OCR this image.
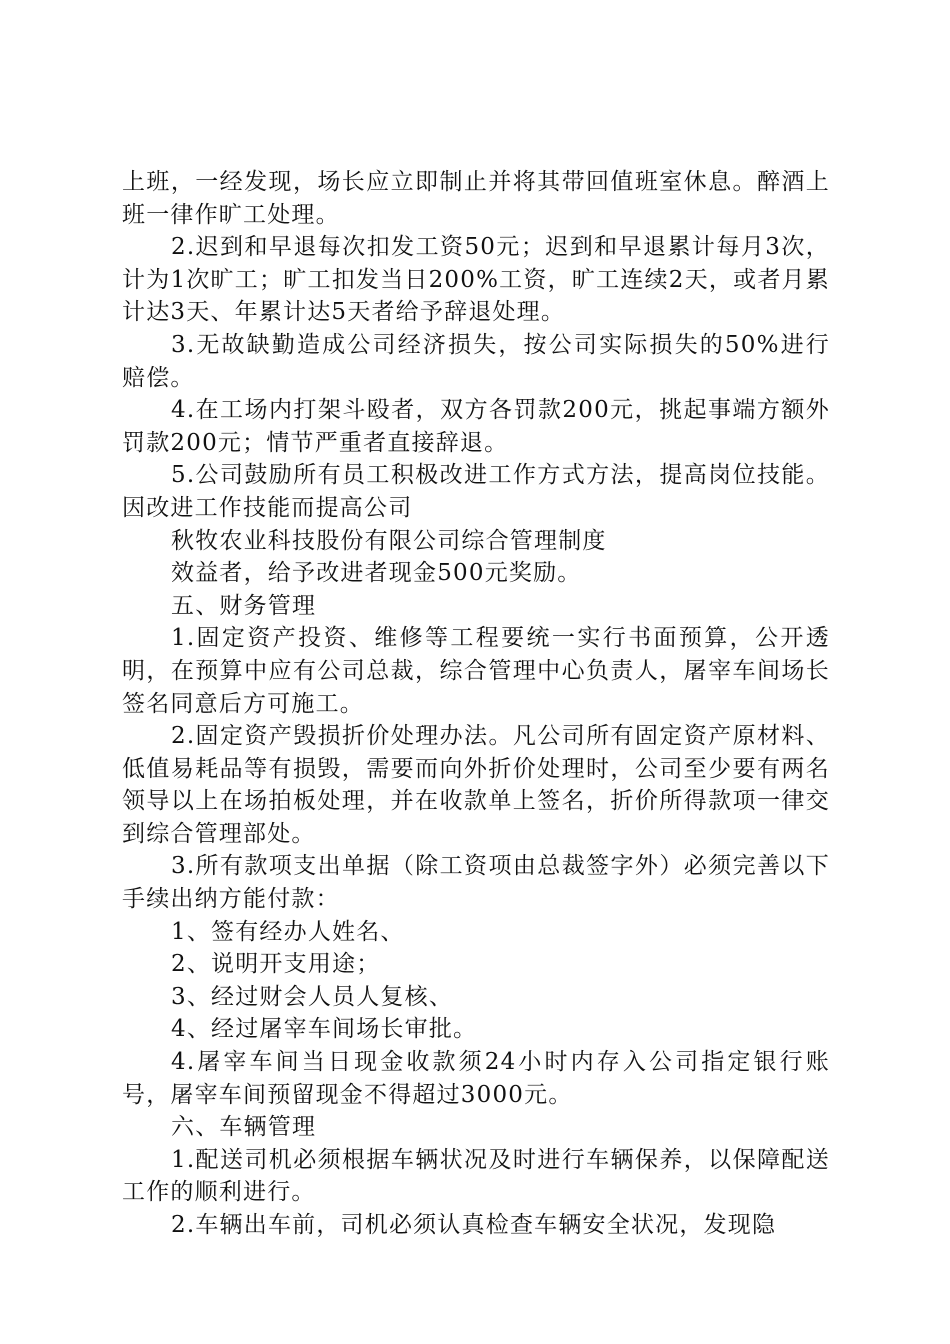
上班，一经发现，场长应立即制止并将其带回值班室休息。醉酒上班一律作旷工处理。

2.迟到和早退每次扣发工资50元；迟到和早退累计每月3次，计为1次旷工；旷工扣发当日200%工资，旷工连续2天，或者月累计达3天、年累计达5天者给予辞退处理。

3.无故缺勤造成公司经济损失，按公司实际损失的50%进行赔偿。

4.在工场内打架斗殴者，双方各罚款200元，挑起事端方额外罚款200元；情节严重者直接辞退。

5.公司鼓励所有员工积极改进工作方式方法，提高岗位技能。因改进工作技能而提高公司

秋牧农业科技股份有限公司综合管理制度

效益者，给予改进者现金500元奖励。

五、财务管理

1.固定资产投资、维修等工程要统一实行书面预算，公开透明，在预算中应有公司总裁，综合管理中心负责人，屠宰车间场长签名同意后方可施工。

2.固定资产毁损折价处理办法。凡公司所有固定资产原材料、低值易耗品等有损毁，需要而向外折价处理时，公司至少要有两名领导以上在场拍板处理，并在收款单上签名，折价所得款项一律交到综合管理部处。

3.所有款项支出单据（除工资项由总裁签字外）必须完善以下手续出纳方能付款：

1、签有经办人姓名、

2、说明开支用途；

3、经过财会人员人复核、

4、经过屠宰车间场长审批。

4.屠宰车间当日现金收款须24小时内存入公司指定银行账号，屠宰车间预留现金不得超过3000元。

六、车辆管理

1.配送司机必须根据车辆状况及时进行车辆保养，以保障配送工作的顺利进行。

2.车辆出车前，司机必须认真检查车辆安全状况，发现隐
